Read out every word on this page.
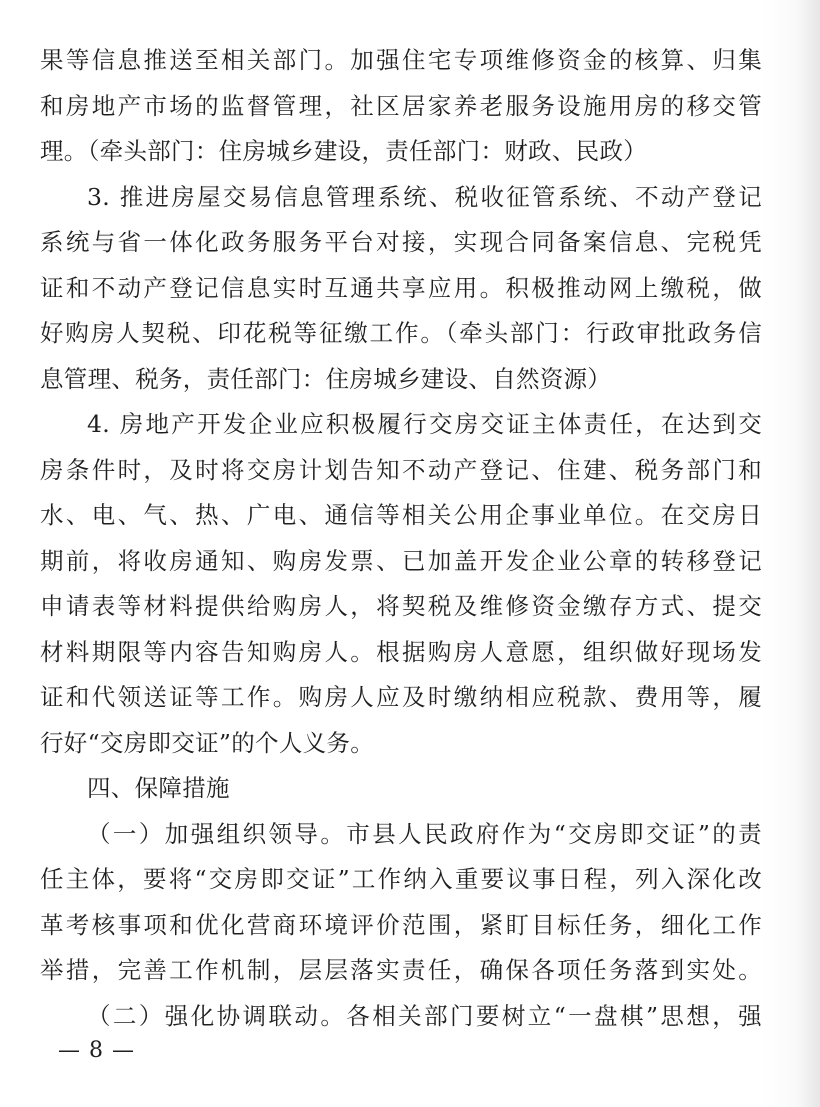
果等信息推送至相关部门。加强住宅专项维修资金的核算、归集
和房地产市场的监督管理，社区居家养老服务设施用房的移交管
理。（牵头部门：住房城乡建设，责任部门：财政、民政）
3. 推进房屋交易信息管理系统、税收征管系统、不动产登记
系统与省一体化政务服务平台对接，实现合同备案信息、完税凭
证和不动产登记信息实时互通共享应用。积极推动网上缴税，做
好购房人契税、印花税等征缴工作。（牵头部门：行政审批政务信
息管理、税务，责任部门：住房城乡建设、自然资源）
4. 房地产开发企业应积极履行交房交证主体责任，在达到交
房条件时，及时将交房计划告知不动产登记、住建、税务部门和
水、电、气、热、广电、通信等相关公用企事业单位。在交房日
期前，将收房通知、购房发票、已加盖开发企业公章的转移登记
申请表等材料提供给购房人，将契税及维修资金缴存方式、提交
材料期限等内容告知购房人。根据购房人意愿，组织做好现场发
证和代领送证等工作。购房人应及时缴纳相应税款、费用等，履
行好“交房即交证”的个人义务。
四、保障措施
（一）加强组织领导。市县人民政府作为“交房即交证”的责
任主体，要将“交房即交证”工作纳入重要议事日程，列入深化改
革考核事项和优化营商环境评价范围，紧盯目标任务，细化工作
举措，完善工作机制，层层落实责任，确保各项任务落到实处。
（二）强化协调联动。各相关部门要树立“一盘棋”思想，强
— 8 —
